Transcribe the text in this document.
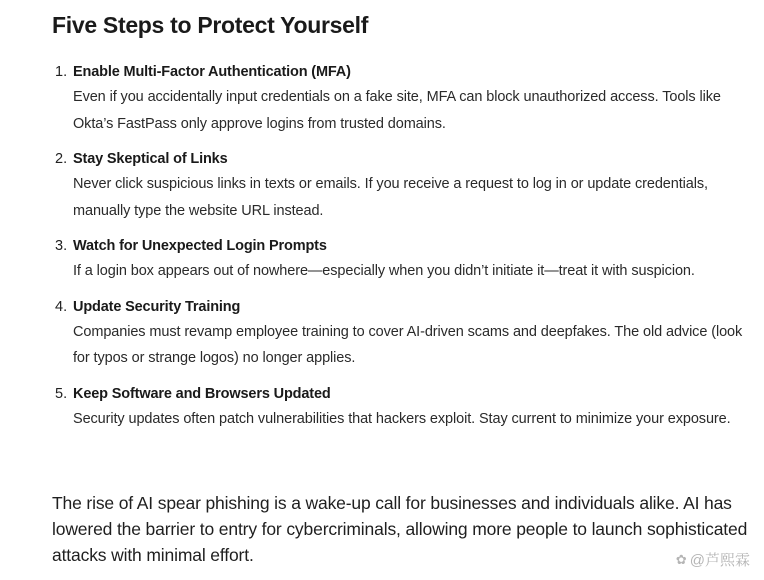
Five Steps to Protect Yourself
1. Enable Multi-Factor Authentication (MFA)
Even if you accidentally input credentials on a fake site, MFA can block unauthorized access. Tools like Okta’s FastPass only approve logins from trusted domains.
2. Stay Skeptical of Links
Never click suspicious links in texts or emails. If you receive a request to log in or update credentials, manually type the website URL instead.
3. Watch for Unexpected Login Prompts
If a login box appears out of nowhere—especially when you didn’t initiate it—treat it with suspicion.
4. Update Security Training
Companies must revamp employee training to cover AI-driven scams and deepfakes. The old advice (look for typos or strange logos) no longer applies.
5. Keep Software and Browsers Updated
Security updates often patch vulnerabilities that hackers exploit. Stay current to minimize your exposure.

The rise of AI spear phishing is a wake-up call for businesses and individuals alike. AI has lowered the barrier to entry for cybercriminals, allowing more people to launch sophisticated attacks with minimal effort.	✿ @芦熙霖
